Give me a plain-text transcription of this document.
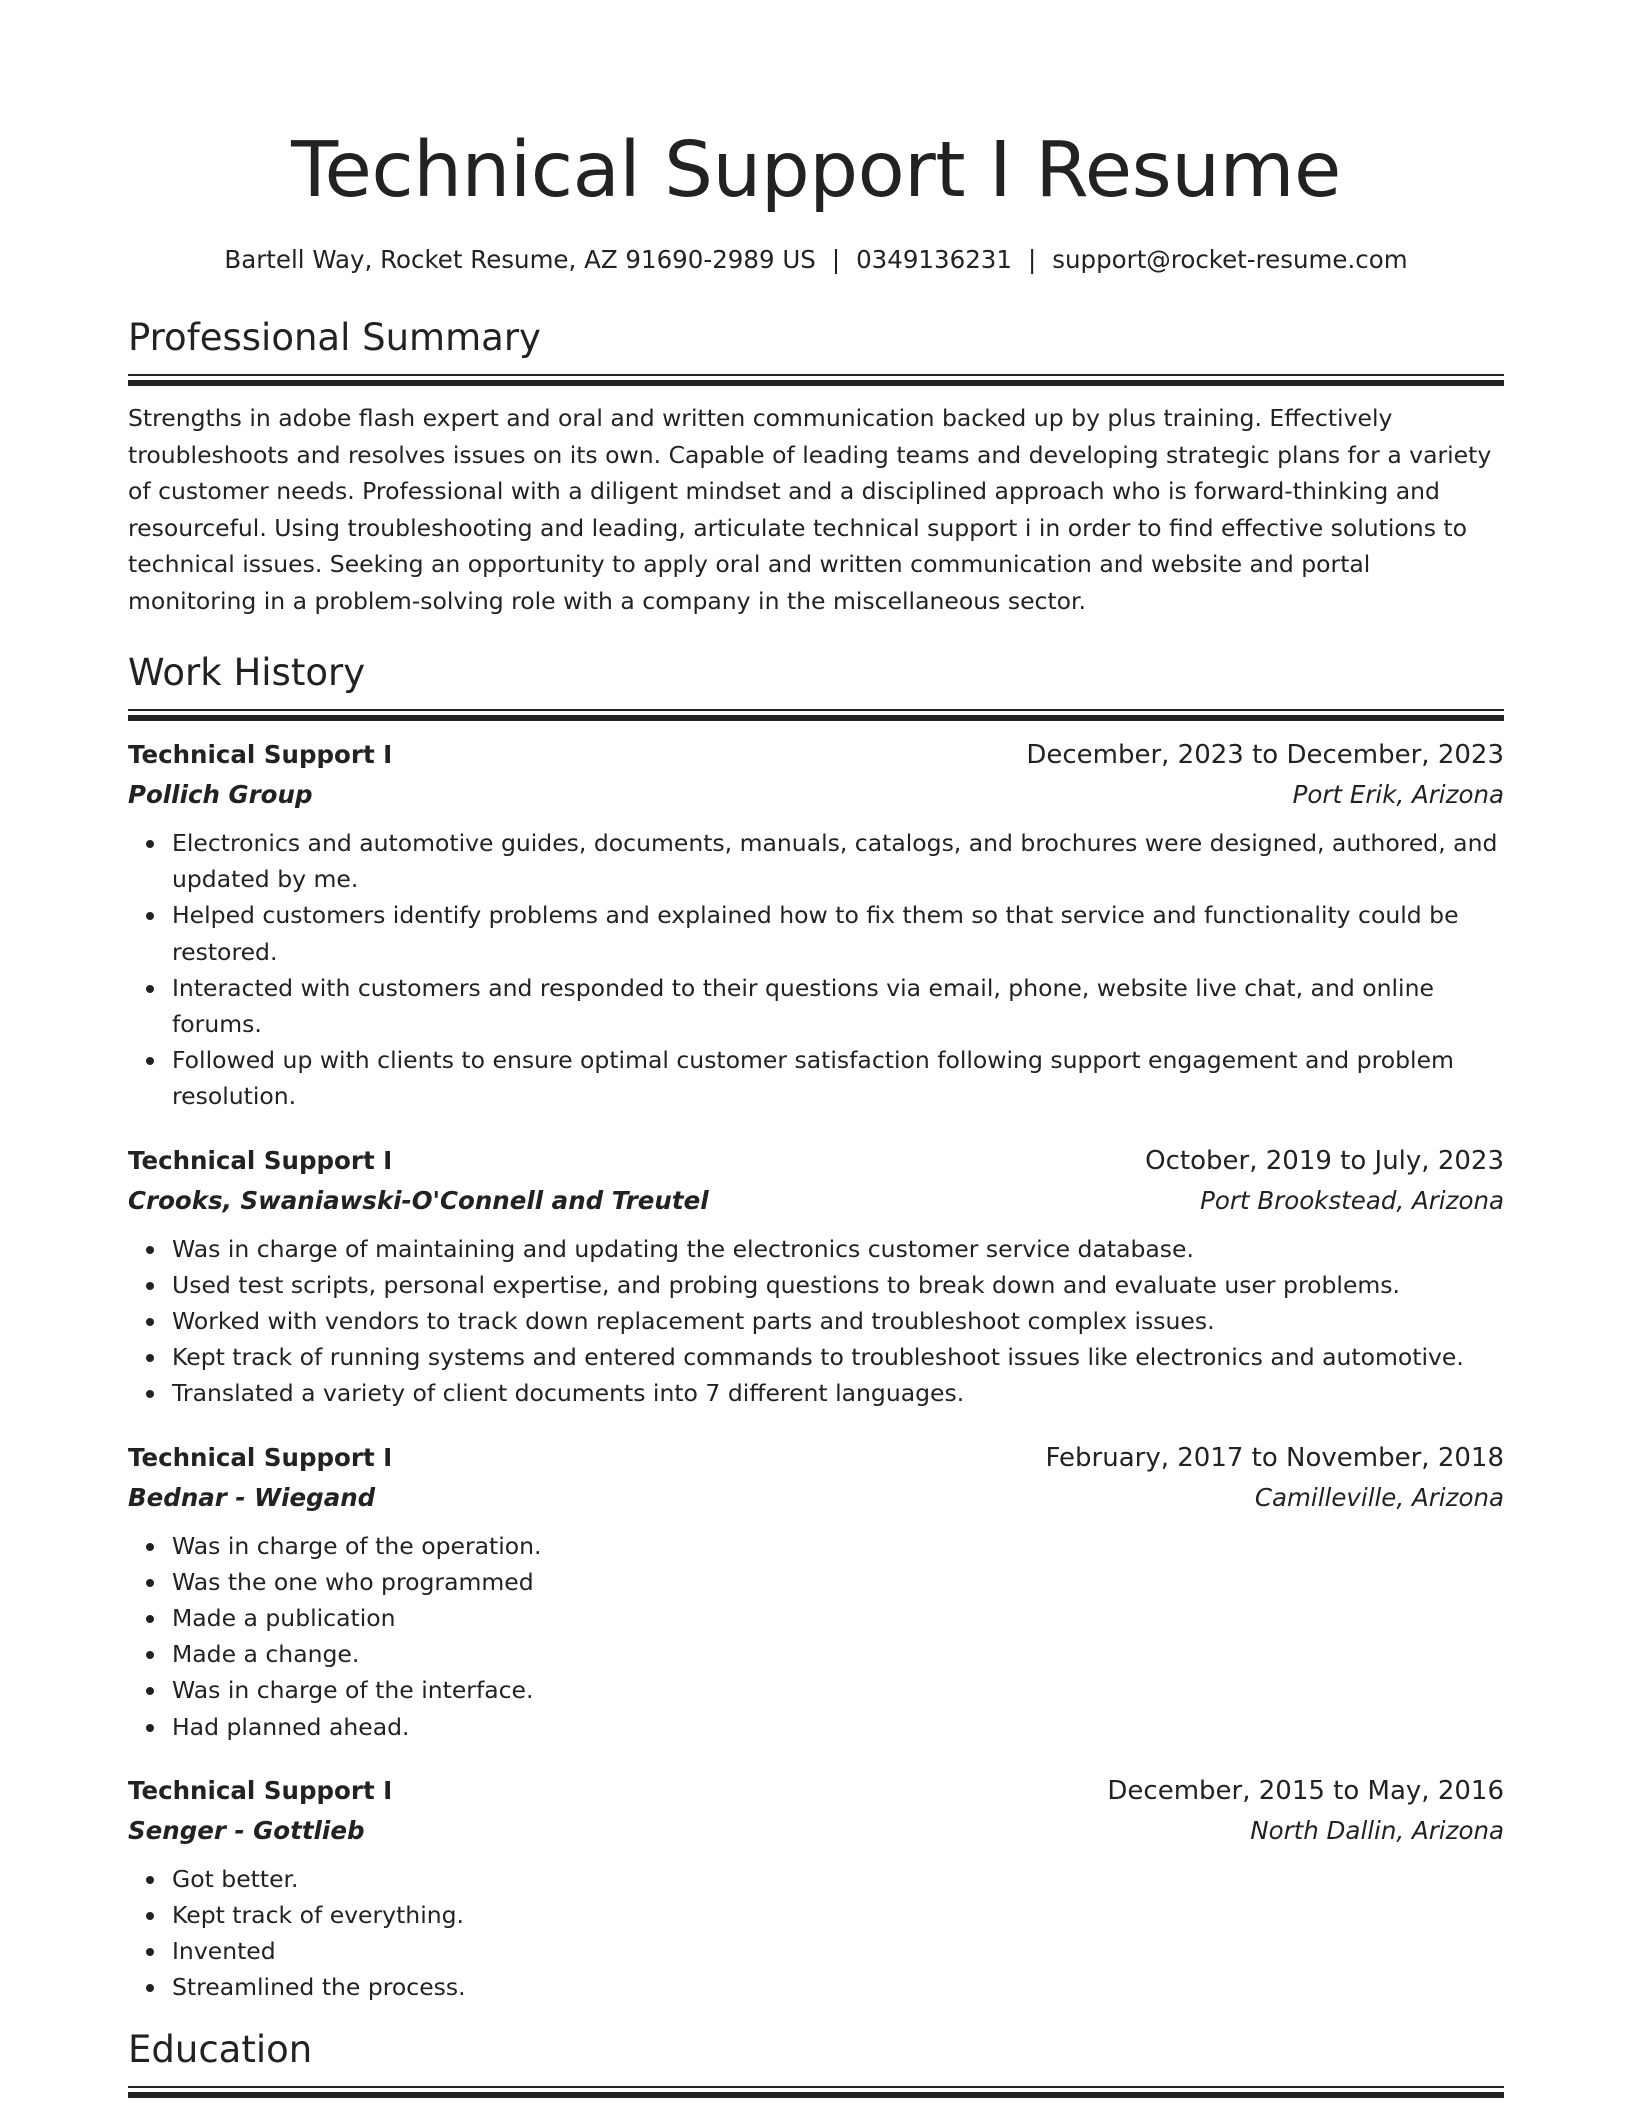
Technical Support I Resume
Bartell Way, Rocket Resume, AZ 91690-2989 US | 0349136231 | support@rocket-resume.com
Professional Summary
Strengths in adobe flash expert and oral and written communication backed up by plus training. Effectively troubleshoots and resolves issues on its own. Capable of leading teams and developing strategic plans for a variety of customer needs. Professional with a diligent mindset and a disciplined approach who is forward-thinking and resourceful. Using troubleshooting and leading, articulate technical support i in order to find effective solutions to technical issues. Seeking an opportunity to apply oral and written communication and website and portal monitoring in a problem-solving role with a company in the miscellaneous sector.
Work History
Technical Support I	December, 2023 to December, 2023
Pollich Group	Port Erik, Arizona
Electronics and automotive guides, documents, manuals, catalogs, and brochures were designed, authored, and updated by me.
Helped customers identify problems and explained how to fix them so that service and functionality could be restored.
Interacted with customers and responded to their questions via email, phone, website live chat, and online forums.
Followed up with clients to ensure optimal customer satisfaction following support engagement and problem resolution.
Technical Support I	October, 2019 to July, 2023
Crooks, Swaniawski-O'Connell and Treutel	Port Brookstead, Arizona
Was in charge of maintaining and updating the electronics customer service database.
Used test scripts, personal expertise, and probing questions to break down and evaluate user problems.
Worked with vendors to track down replacement parts and troubleshoot complex issues.
Kept track of running systems and entered commands to troubleshoot issues like electronics and automotive.
Translated a variety of client documents into 7 different languages.
Technical Support I	February, 2017 to November, 2018
Bednar - Wiegand	Camilleville, Arizona
Was in charge of the operation.
Was the one who programmed
Made a publication
Made a change.
Was in charge of the interface.
Had planned ahead.
Technical Support I	December, 2015 to May, 2016
Senger - Gottlieb	North Dallin, Arizona
Got better.
Kept track of everything.
Invented
Streamlined the process.
Education
